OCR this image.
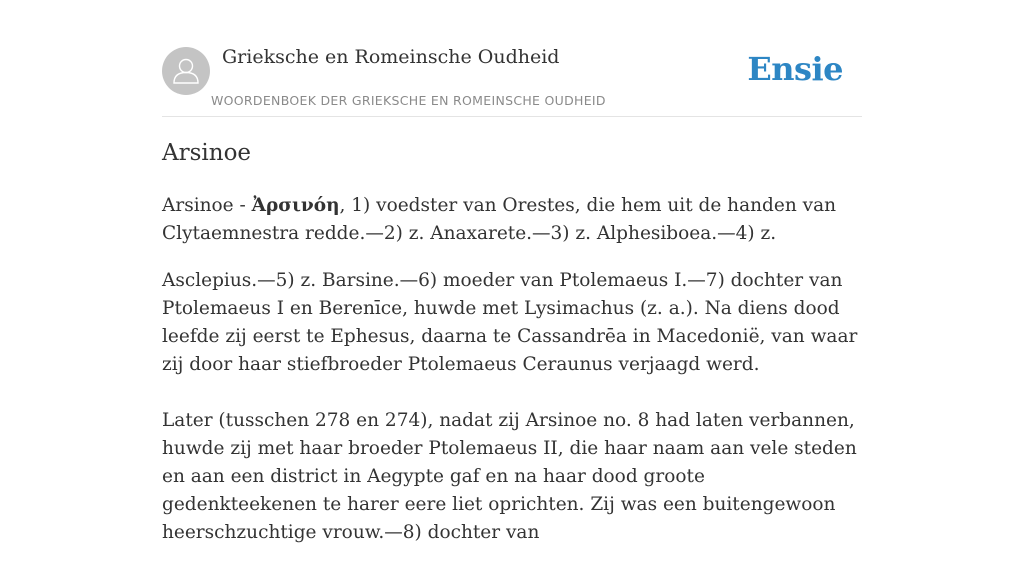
Grieksche en Romeinsche Oudheid
WOORDENBOEK DER GRIEKSCHE EN ROMEINSCHE OUDHEID
Ensie
Arsinoe

Arsinoe - Ἀρσινόη, 1) voedster van Orestes, die hem uit de handen van Clytaemnestra redde.—2) z. Anaxarete.—3) z. Alphesiboea.—4) z.

Asclepius.—5) z. Barsine.—6) moeder van Ptolemaeus I.—7) dochter van Ptolemaeus I en Berenīce, huwde met Lysimachus (z. a.). Na diens dood leefde zij eerst te Ephesus, daarna te Cassandrēa in Macedonië, van waar zij door haar stiefbroeder Ptolemaeus Ceraunus verjaagd werd.

Later (tusschen 278 en 274), nadat zij Arsinoe no. 8 had laten verbannen, huwde zij met haar broeder Ptolemaeus II, die haar naam aan vele steden en aan een district in Aegypte gaf en na haar dood groote gedenkteekenen te harer eere liet oprichten. Zij was een buitengewoon heerschzuchtige vrouw.—8) dochter van
